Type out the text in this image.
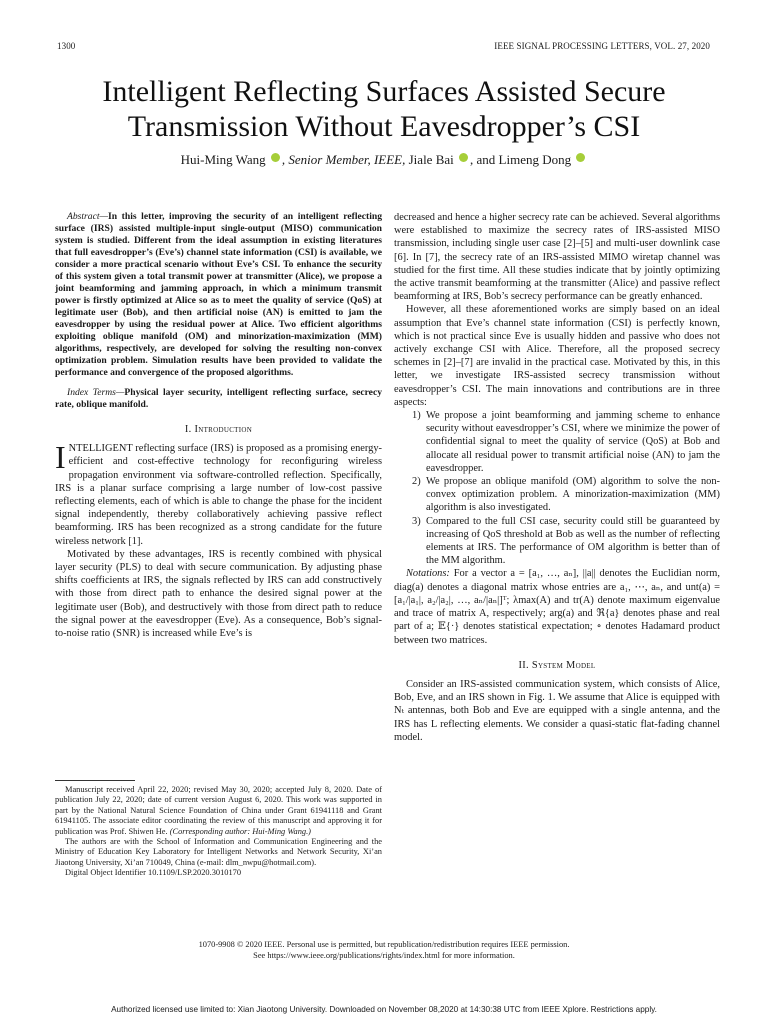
1300	IEEE SIGNAL PROCESSING LETTERS, VOL. 27, 2020
Intelligent Reflecting Surfaces Assisted Secure
Transmission Without Eavesdropper’s CSI
Hui-Ming Wang , Senior Member, IEEE, Jiale Bai , and Limeng Dong

Abstract—In this letter, improving the security of an intelligent reflecting surface (IRS) assisted multiple-input single-output (MISO) communication system is studied. Different from the ideal assumption in existing literatures that full eavesdropper’s (Eve’s) channel state information (CSI) is available, we consider a more practical scenario without Eve’s CSI. To enhance the security of this system given a total transmit power at transmitter (Alice), we propose a joint beamforming and jamming approach, in which a minimum transmit power is firstly optimized at Alice so as to meet the quality of service (QoS) at legitimate user (Bob), and then artificial noise (AN) is emitted to jam the eavesdropper by using the residual power at Alice. Two efficient algorithms exploiting oblique manifold (OM) and minorization-maximization (MM) algorithms, respectively, are developed for solving the resulting non-convex optimization problem. Simulation results have been provided to validate the performance and convergence of the proposed algorithms.

Index Terms—Physical layer security, intelligent reflecting surface, secrecy rate, oblique manifold.

I. Introduction

INTELLIGENT reflecting surface (IRS) is proposed as a promising energy-efficient and cost-effective technology for reconfiguring wireless propagation environment via software-controlled reflection. Specifically, IRS is a planar surface comprising a large number of low-cost passive reflecting elements, each of which is able to change the phase for the incident signal independently, thereby collaboratively achieving passive reflect beamforming. IRS has been recognized as a strong candidate for the future wireless network [1].

Motivated by these advantages, IRS is recently combined with physical layer security (PLS) to deal with secure communication. By adjusting phase shifts coefficients at IRS, the signals reflected by IRS can add constructively with those from direct path to enhance the desired signal power at the legitimate user (Bob), and destructively with those from direct path to reduce the signal power at the eavesdropper (Eve). As a consequence, Bob’s signal-to-noise ratio (SNR) is increased while Eve’s is

Manuscript received April 22, 2020; revised May 30, 2020; accepted July 8, 2020. Date of publication July 22, 2020; date of current version August 6, 2020. This work was supported in part by the National Natural Science Foundation of China under Grant 61941118 and Grant 61941105. The associate editor coordinating the review of this manuscript and approving it for publication was Prof. Shiwen He. (Corresponding author: Hui-Ming Wang.)

The authors are with the School of Information and Communication Engineering and the Ministry of Education Key Laboratory for Intelligent Networks and Network Security, Xi’an Jiaotong University, Xi’an 710049, China (e-mail: dlm_nwpu@hotmail.com).

Digital Object Identifier 10.1109/LSP.2020.3010170

decreased and hence a higher secrecy rate can be achieved. Several algorithms were established to maximize the secrecy rates of IRS-assisted MISO transmission, including single user case [2]–[5] and multi-user downlink case [6]. In [7], the secrecy rate of an IRS-assisted MIMO wiretap channel was studied for the first time. All these studies indicate that by jointly optimizing the active transmit beamforming at the transmitter (Alice) and passive reflect beamforming at IRS, Bob’s secrecy performance can be greatly enhanced.

However, all these aforementioned works are simply based on an ideal assumption that Eve’s channel state information (CSI) is perfectly known, which is not practical since Eve is usually hidden and passive who does not actively exchange CSI with Alice. Therefore, all the proposed secrecy schemes in [2]–[7] are invalid in the practical case. Motivated by this, in this letter, we investigate IRS-assisted secrecy transmission without eavesdropper’s CSI. The main innovations and contributions are in three aspects:

1) We propose a joint beamforming and jamming scheme to enhance security without eavesdropper’s CSI, where we minimize the power of confidential signal to meet the quality of service (QoS) at Bob and allocate all residual power to transmit artificial noise (AN) to jam the eavesdropper.

2) We propose an oblique manifold (OM) algorithm to solve the non-convex optimization problem. A minorization-maximization (MM) algorithm is also investigated.

3) Compared to the full CSI case, security could still be guaranteed by increasing of QoS threshold at Bob as well as the number of reflecting elements at IRS. The performance of OM algorithm is better than of the MM algorithm.

Notations: For a vector a = [a₁, …, aₙ], ||a|| denotes the Euclidian norm, diag(a) denotes a diagonal matrix whose entries are a₁, ⋯, aₙ, and unt(a) = [a₁/|a₁|, a₂/|a₂|, …, aₙ/|aₙ|]ᵀ; λmax(A) and tr(A) denote maximum eigenvalue and trace of matrix A, respectively; arg(a) and ℜ{a} denotes phase and real part of a; 𝔼{·} denotes statistical expectation; ∘ denotes Hadamard product between two matrices.

II. System Model

Consider an IRS-assisted communication system, which consists of Alice, Bob, Eve, and an IRS shown in Fig. 1. We assume that Alice is equipped with Nₜ antennas, both Bob and Eve are equipped with a single antenna, and the IRS has L reflecting elements. We consider a quasi-static flat-fading channel model.

1070-9908 © 2020 IEEE. Personal use is permitted, but republication/redistribution requires IEEE permission.
See https://www.ieee.org/publications/rights/index.html for more information.
Authorized licensed use limited to: Xian Jiaotong University. Downloaded on November 08,2020 at 14:30:38 UTC from IEEE Xplore. Restrictions apply.
